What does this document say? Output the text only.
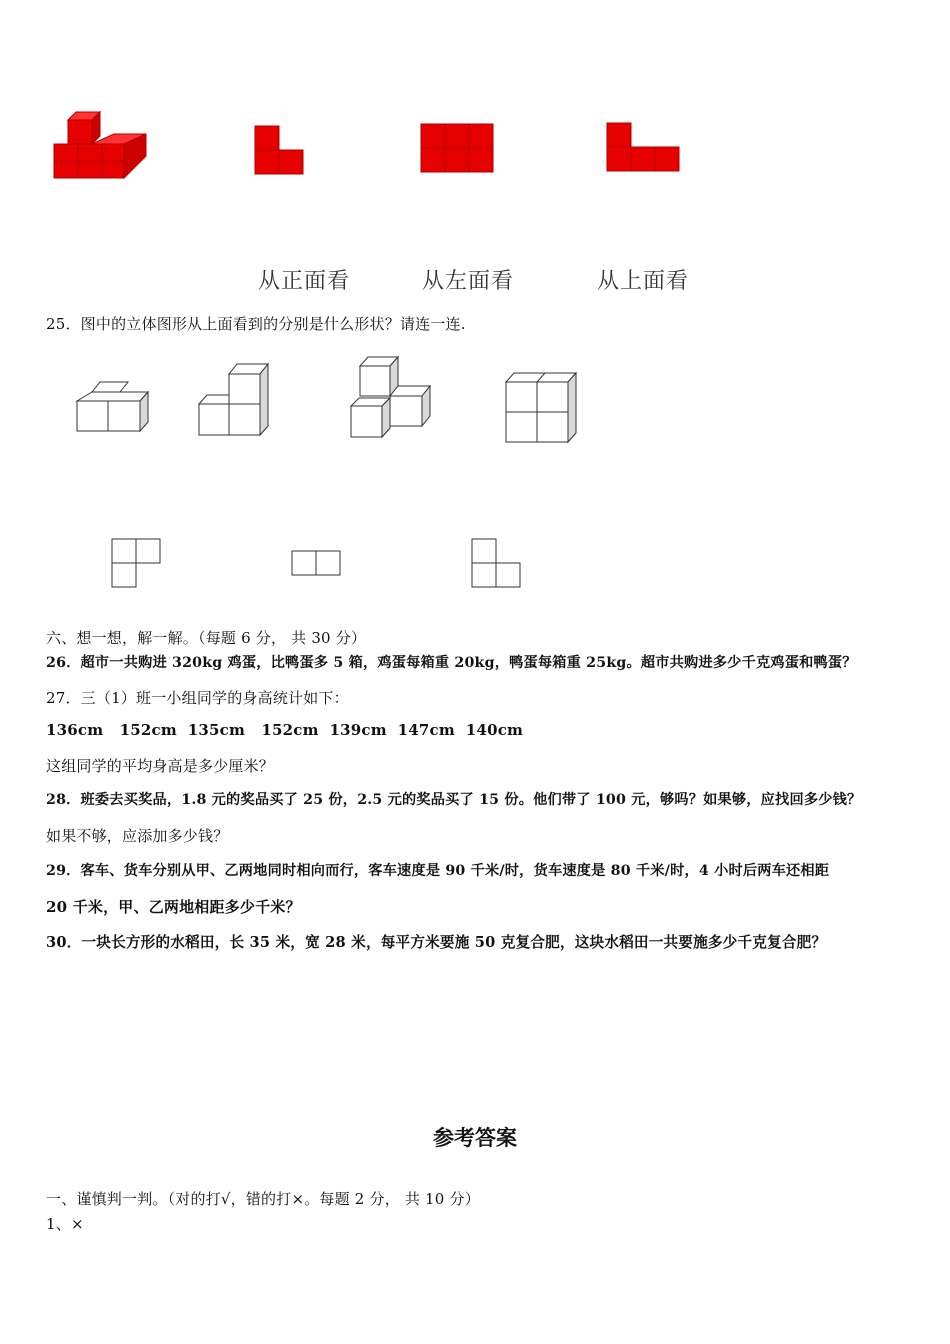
从正面看	从左面看	从上面看
25．图中的立体图形从上面看到的分别是什么形状？请连一连.
六、想一想，解一解。（每题 6 分， 共 30 分）
26．超市一共购进 320kg 鸡蛋，比鸭蛋多 5 箱，鸡蛋每箱重 20kg，鸭蛋每箱重 25kg。超市共购进多少千克鸡蛋和鸭蛋？
27．三（1）班一小组同学的身高统计如下：
136cm   152cm  135cm   152cm  139cm  147cm  140cm
这组同学的平均身高是多少厘米？
28．班委去买奖品，1.8 元的奖品买了 25 份，2.5 元的奖品买了 15 份。他们带了 100 元，够吗？如果够，应找回多少钱？
如果不够，应添加多少钱？
29．客车、货车分别从甲、乙两地同时相向而行，客车速度是 90 千米/时，货车速度是 80 千米/时，4 小时后两车还相距
20 千米，甲、乙两地相距多少千米？
30．一块长方形的水稻田，长 35 米，宽 28 米，每平方米要施 50 克复合肥，这块水稻田一共要施多少千克复合肥？
参考答案
一、谨慎判一判。（对的打√，错的打×。每题 2 分， 共 10 分）
1、×
